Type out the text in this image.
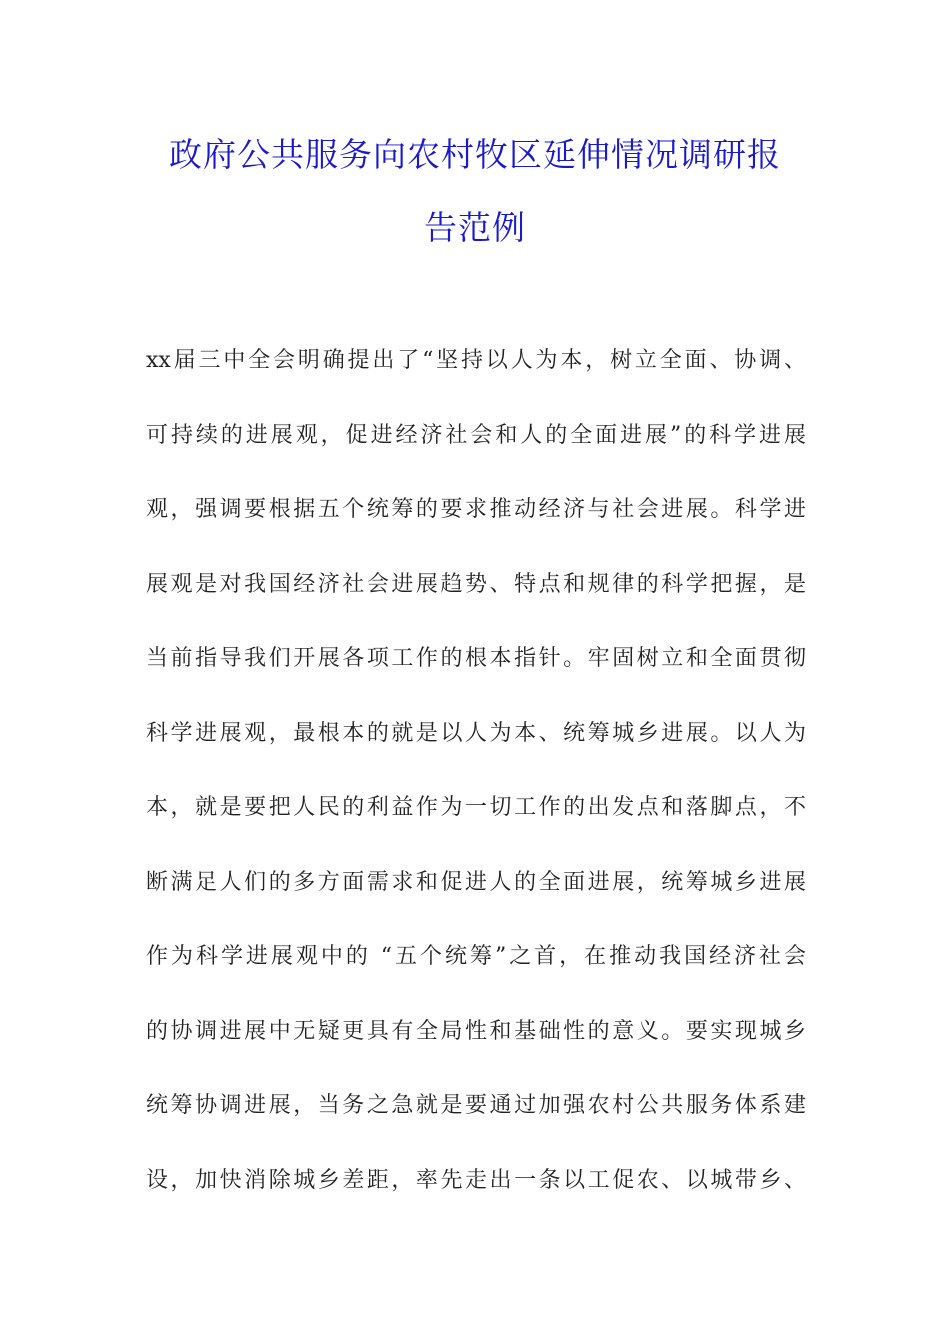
政府公共服务向农村牧区延伸情况调研报
告范例
xx届三中全会明确提出了“坚持以人为本，树立全面、协调、
可持续的进展观，促进经济社会和人的全面进展”的科学进展
观，强调要根据五个统筹的要求推动经济与社会进展。科学进
展观是对我国经济社会进展趋势、特点和规律的科学把握，是
当前指导我们开展各项工作的根本指针。牢固树立和全面贯彻
科学进展观，最根本的就是以人为本、统筹城乡进展。以人为
本，就是要把人民的利益作为一切工作的出发点和落脚点，不
断满足人们的多方面需求和促进人的全面进展，统筹城乡进展
作为科学进展观中的 “五个统筹”之首，在推动我国经济社会
的协调进展中无疑更具有全局性和基础性的意义。要实现城乡
统筹协调进展，当务之急就是要通过加强农村公共服务体系建
设，加快消除城乡差距，率先走出一条以工促农、以城带乡、
